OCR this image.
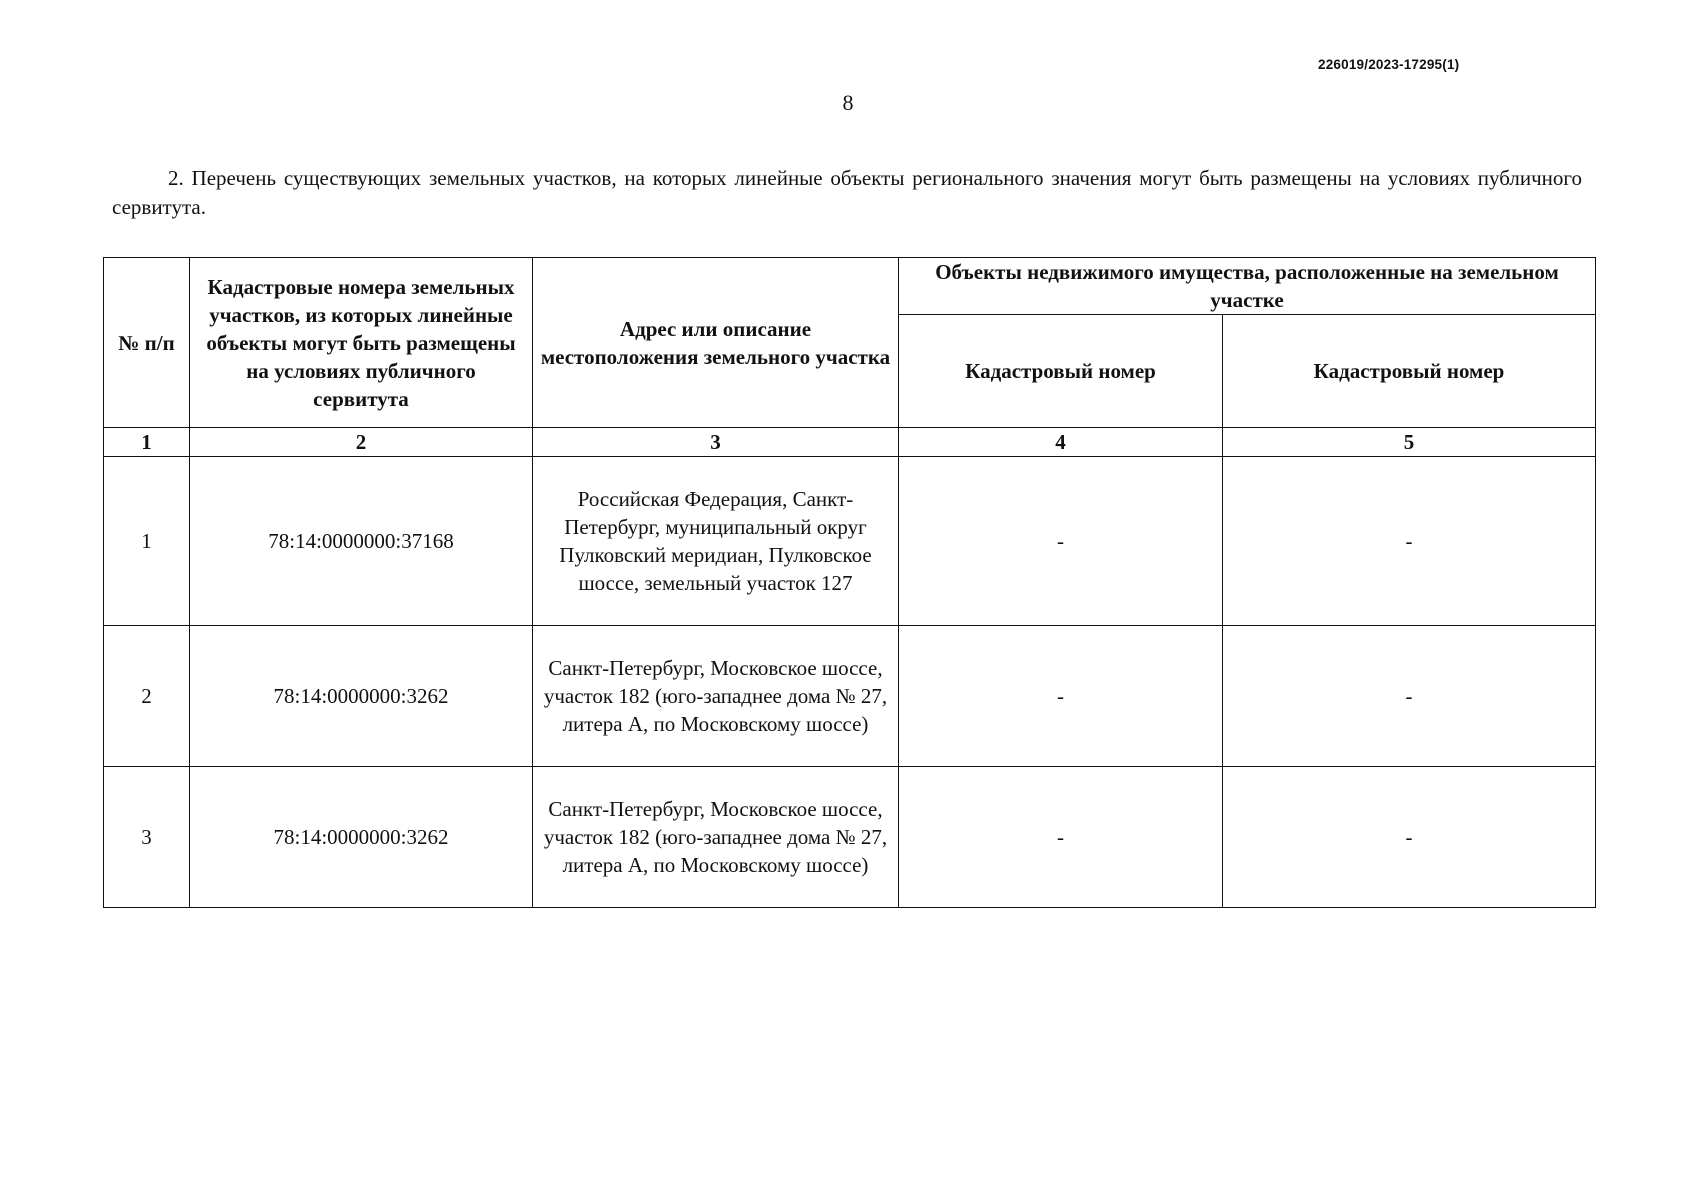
226019/2023-17295(1)
8

2. Перечень существующих земельных участков, на которых линейные объекты регионального значения могут быть размещены на условиях публичного сервитута.

№ п/п	Кадастровые номера земельных участков, из которых линейные объекты могут быть размещены на условиях публичного сервитута	Адрес или описание местоположения земельного участка	Объекты недвижимого имущества, расположенные на земельном участке	
			Кадастровый номер	Кадастровый номер
1	2	3	4	5
1	78:14:0000000:37168	Российская Федерация, Санкт-Петербург, муниципальный округ Пулковский меридиан, Пулковское шоссе, земельный участок 127	-	-
2	78:14:0000000:3262	Санкт-Петербург, Московское шоссе, участок 182 (юго-западнее дома № 27, литера А, по Московскому шоссе)	-	-
3	78:14:0000000:3262	Санкт-Петербург, Московское шоссе, участок 182 (юго-западнее дома № 27, литера А, по Московскому шоссе)	-	-
